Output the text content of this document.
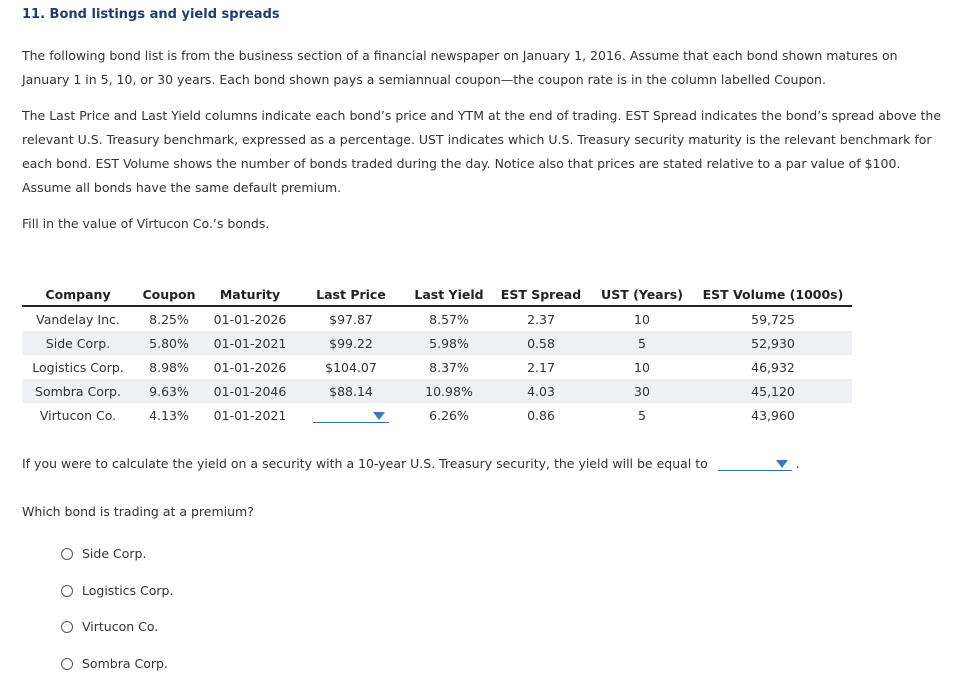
11. Bond listings and yield spreads

The following bond list is from the business section of a financial newspaper on January 1, 2016. Assume that each bond shown matures on January 1 in 5, 10, or 30 years. Each bond shown pays a semiannual coupon—the coupon rate is in the column labelled Coupon.

The Last Price and Last Yield columns indicate each bond’s price and YTM at the end of trading. EST Spread indicates the bond’s spread above the relevant U.S. Treasury benchmark, expressed as a percentage. UST indicates which U.S. Treasury security maturity is the relevant benchmark for each bond. EST Volume shows the number of bonds traded during the day. Notice also that prices are stated relative to a par value of $100. Assume all bonds have the same default premium.

Fill in the value of Virtucon Co.’s bonds.

Company	Coupon	Maturity	Last Price	Last Yield	EST Spread	UST (Years)	EST Volume (1000s)
Vandelay Inc.	8.25%	01-01-2026	$97.87	8.57%	2.37	10	59,725
Side Corp.	5.80%	01-01-2021	$99.22	5.98%	0.58	5	52,930
Logistics Corp.	8.98%	01-01-2026	$104.07	8.37%	2.17	10	46,932
Sombra Corp.	9.63%	01-01-2046	$88.14	10.98%	4.03	30	45,120
Virtucon Co.	4.13%	01-01-2021		6.26%	0.86	5	43,960
If you were to calculate the yield on a security with a 10-year U.S. Treasury security, the yield will be equal to	.
Which bond is trading at a premium?
Side Corp.
Logistics Corp.
Virtucon Co.
Sombra Corp.
